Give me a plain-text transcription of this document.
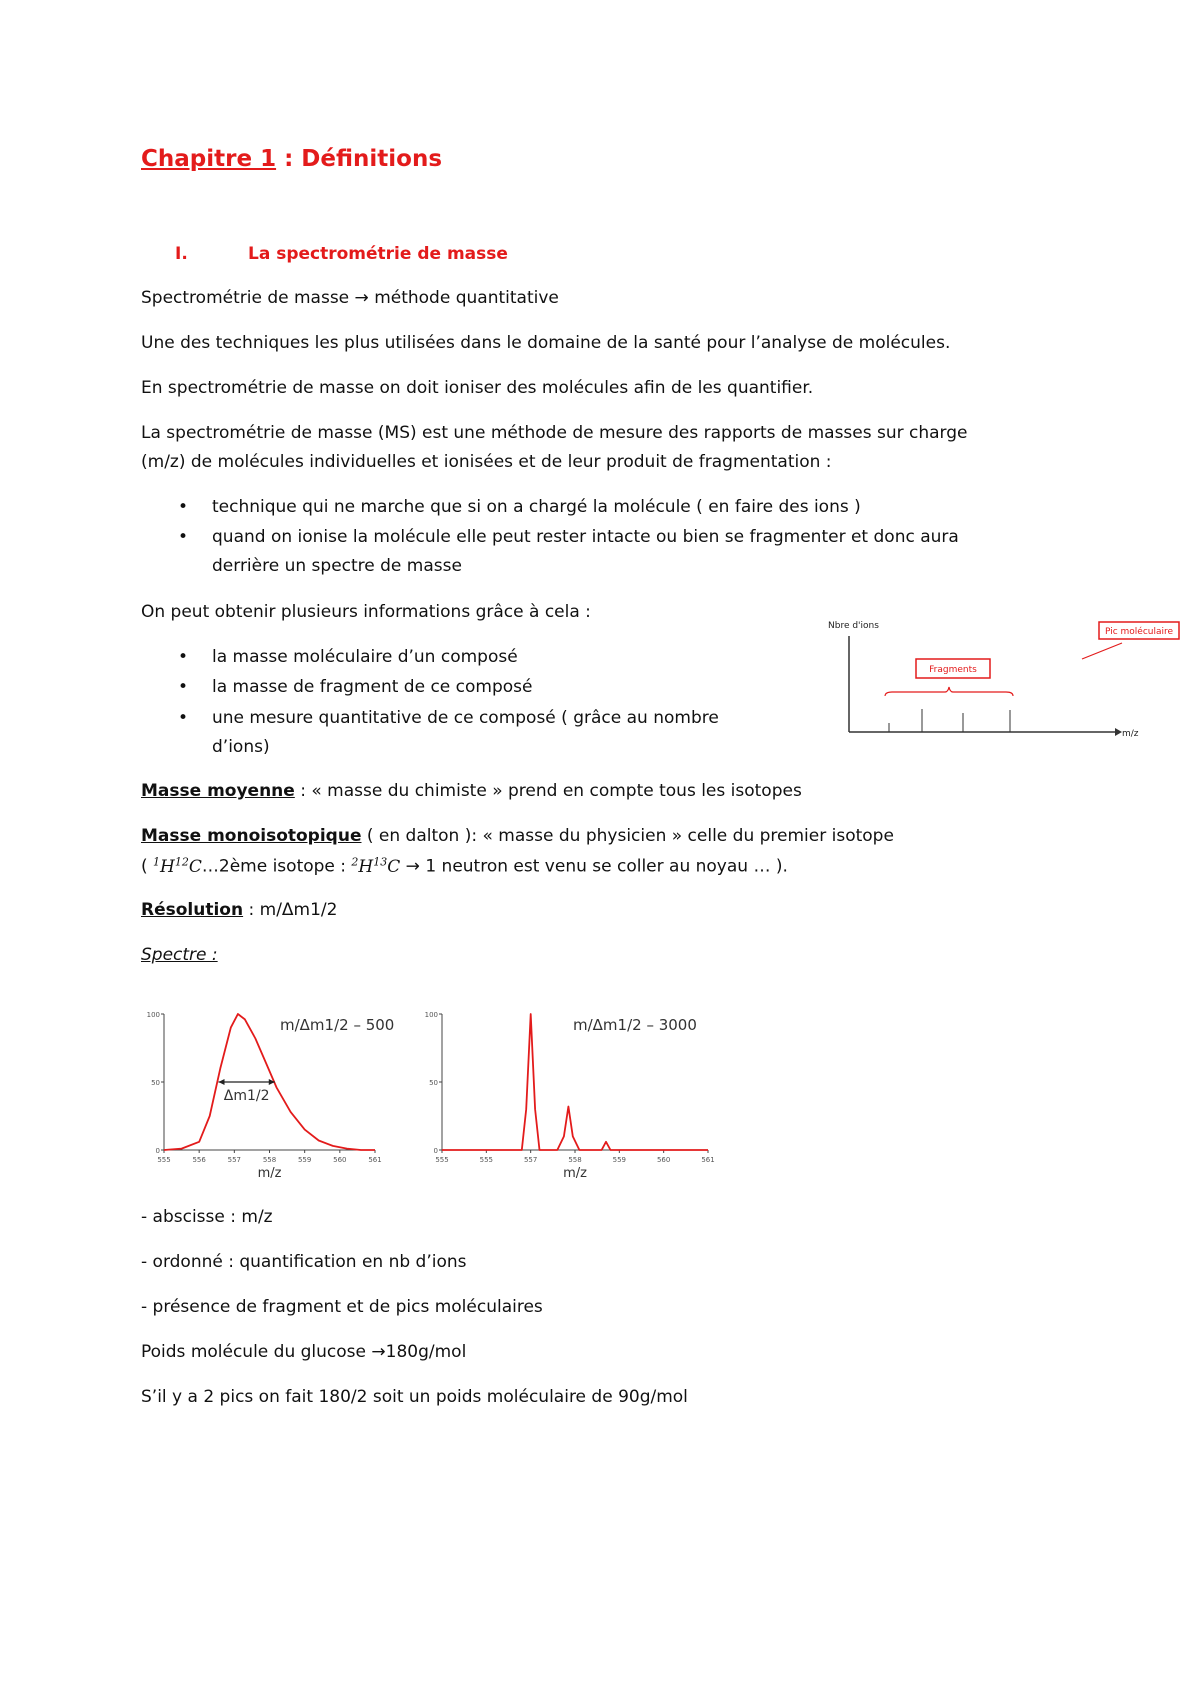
Chapitre 1 : Définitions
I.	La spectrométrie de masse
Spectrométrie de masse → méthode quantitative
Une des techniques les plus utilisées dans le domaine de la santé pour l’analyse de molécules.
En spectrométrie de masse on doit ioniser des molécules afin de les quantifier.
La spectrométrie de masse (MS) est une méthode de mesure des rapports de masses sur charge
(m/z) de molécules individuelles et ionisées et de leur produit de fragmentation :
• technique qui ne marche que si on a chargé la molécule ( en faire des ions )
• quand on ionise la molécule elle peut rester intacte ou bien se fragmenter et donc aura
derrière un spectre de masse
On peut obtenir plusieurs informations grâce à cela :
• la masse moléculaire d’un composé
• la masse de fragment de ce composé
• une mesure quantitative de ce composé ( grâce au nombre
d’ions)
Nbre d'ions
m/z
Fragments
Pic moléculaire
Masse moyenne : « masse du chimiste » prend en compte tous les isotopes
Masse monoisotopique ( en dalton ): « masse du physicien » celle du premier isotope
( $^1H^{12}C\dots 2ème$ isotope : $^2H^{13}C \to 1$ neutron est venu se coller au noyau … ).
Résolution : m/Δm1/2
Spectre :
0
50
100
555	556	557	558	559	560	561
m/z
m/Δm1/2 – 500
Δm1/2
0
50
100
555	555	557	558	559	560	561
m/z
m/Δm1/2 – 3000
- abscisse : m/z
- ordonné : quantification en nb d’ions
- présence de fragment et de pics moléculaires
Poids molécule du glucose →180g/mol
S’il y a 2 pics on fait 180/2 soit un poids moléculaire de 90g/mol
